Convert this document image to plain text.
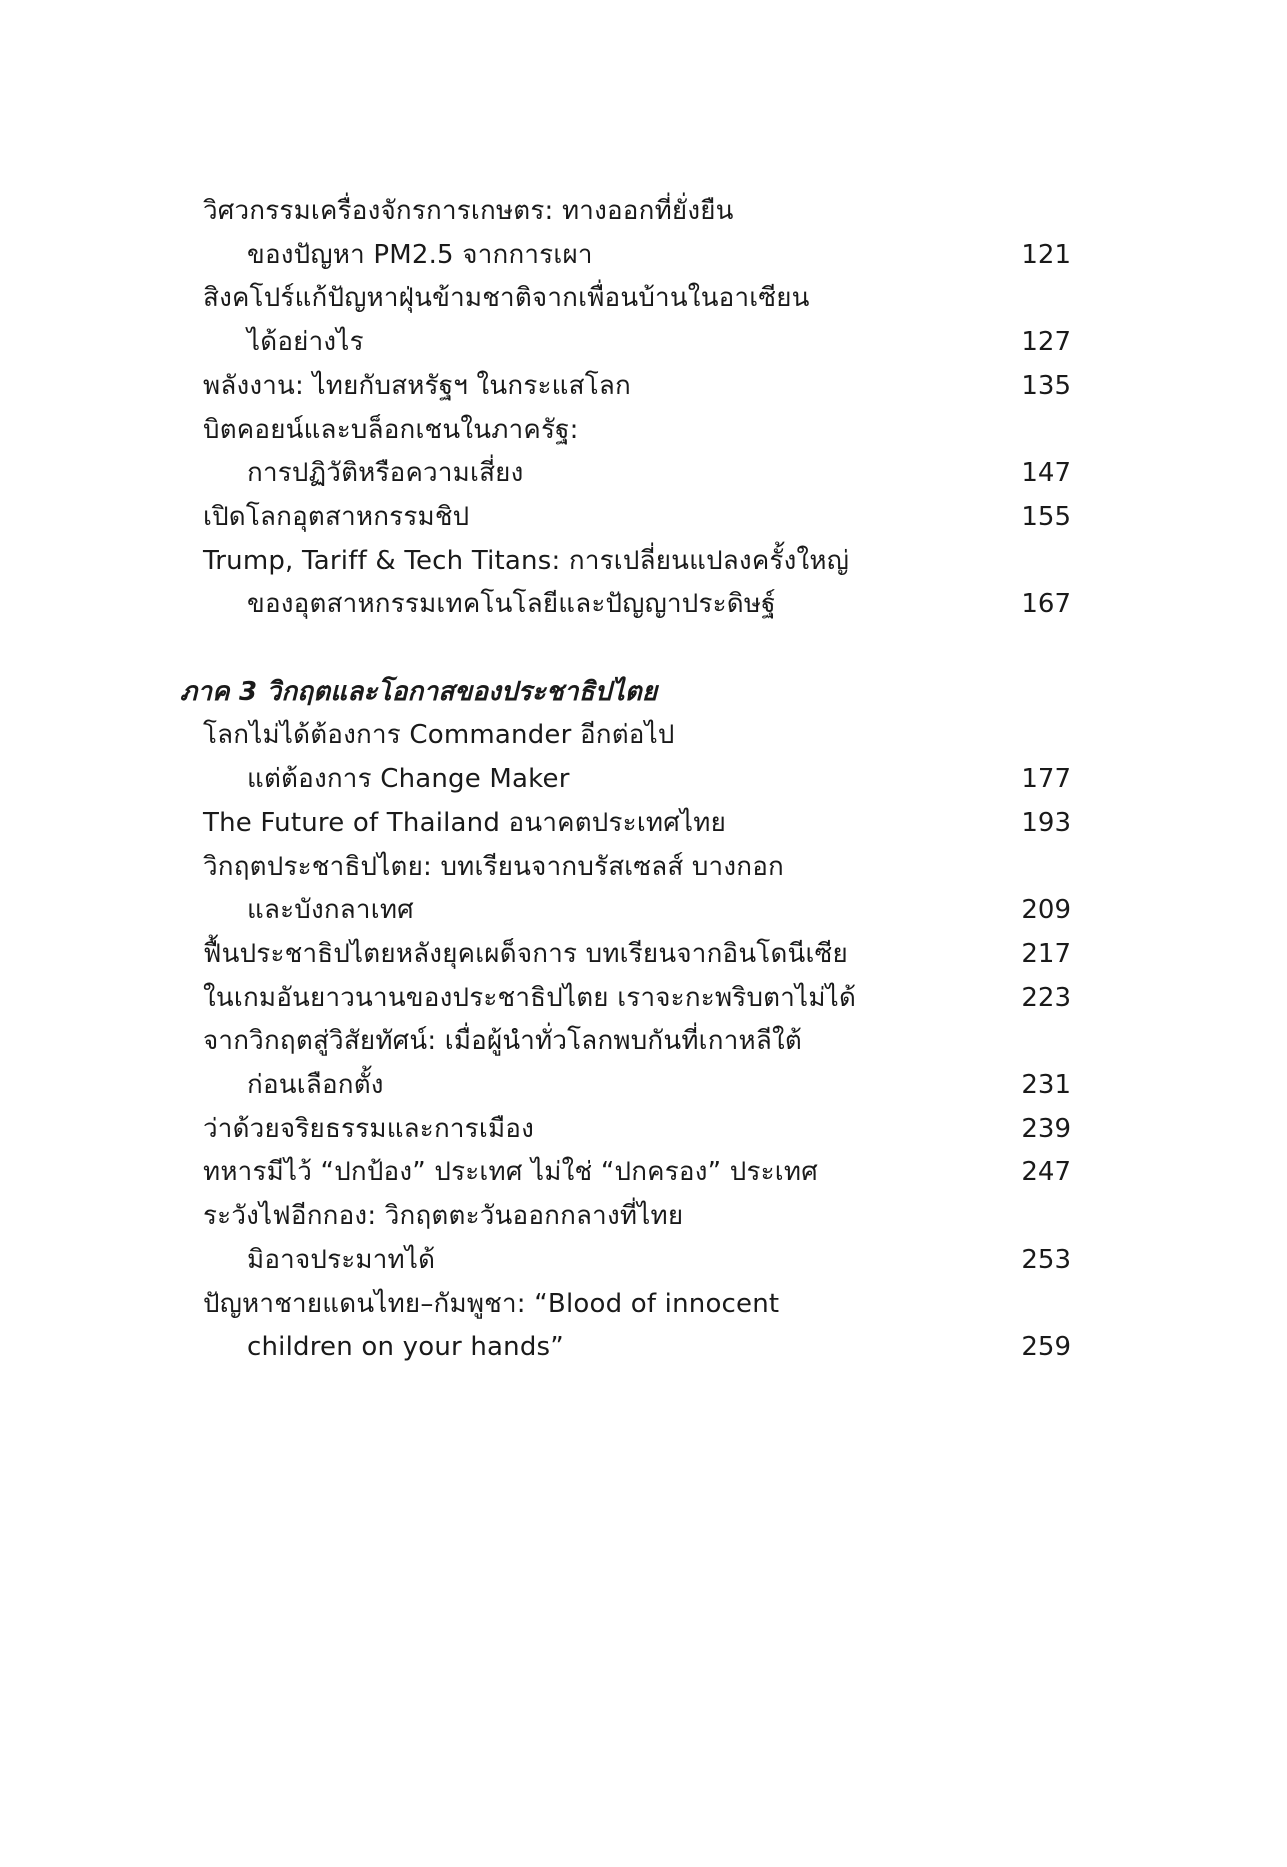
วิศวกรรมเครื่องจักรการเกษตร: ทางออกที่ยั่งยืน
ของปัญหา PM2.5 จากการเผา	121
สิงคโปร์แก้ปัญหาฝุ่นข้ามชาติจากเพื่อนบ้านในอาเซียน
ได้อย่างไร	127
พลังงาน: ไทยกับสหรัฐฯ ในกระแสโลก	135
บิตคอยน์และบล็อกเชนในภาครัฐ:
การปฏิวัติหรือความเสี่ยง	147
เปิดโลกอุตสาหกรรมชิป	155
Trump, Tariff & Tech Titans: การเปลี่ยนแปลงครั้งใหญ่
ของอุตสาหกรรมเทคโนโลยีและปัญญาประดิษฐ์	167
ภาค 3 วิกฤตและโอกาสของประชาธิปไตย
โลกไม่ได้ต้องการ Commander อีกต่อไป
แต่ต้องการ Change Maker	177
The Future of Thailand อนาคตประเทศไทย	193
วิกฤตประชาธิปไตย: บทเรียนจากบรัสเซลส์ บางกอก
และบังกลาเทศ	209
ฟื้นประชาธิปไตยหลังยุคเผด็จการ บทเรียนจากอินโดนีเซีย	217
ในเกมอันยาวนานของประชาธิปไตย เราจะกะพริบตาไม่ได้	223
จากวิกฤตสู่วิสัยทัศน์: เมื่อผู้นำทั่วโลกพบกันที่เกาหลีใต้
ก่อนเลือกตั้ง	231
ว่าด้วยจริยธรรมและการเมือง	239
ทหารมีไว้ “ปกป้อง” ประเทศ ไม่ใช่ “ปกครอง” ประเทศ	247
ระวังไฟอีกกอง: วิกฤตตะวันออกกลางที่ไทย
มิอาจประมาทได้	253
ปัญหาชายแดนไทย–กัมพูชา: “Blood of innocent
children on your hands”	259
